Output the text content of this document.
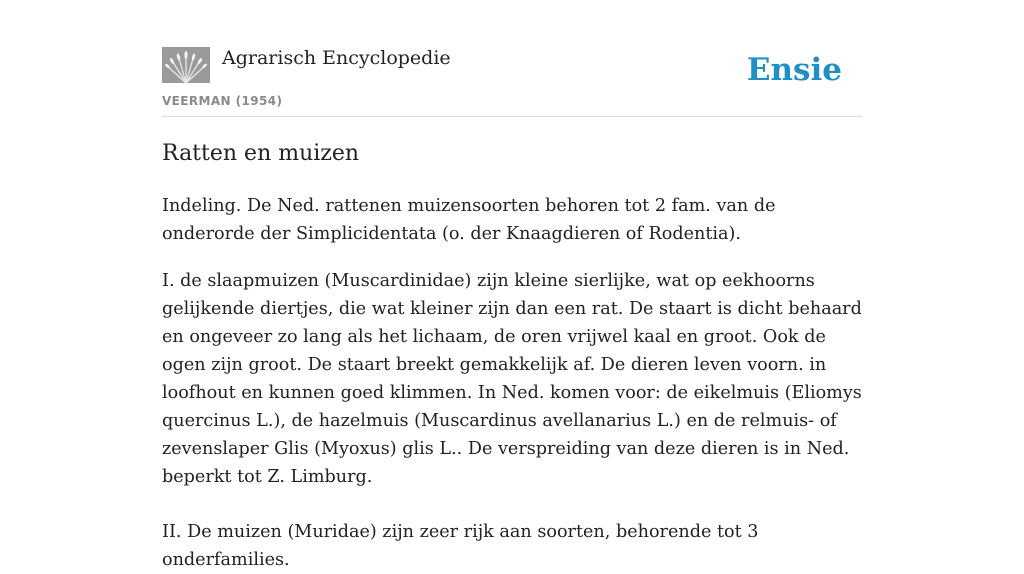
Agrarisch Encyclopedie
VEERMAN (1954)
Ensie
Ratten en muizen

Indeling. De Ned. rattenen muizensoorten behoren tot 2 fam. van de onderorde der Simplicidentata (o. der Knaagdieren of Rodentia).

I. de slaapmuizen (Muscardinidae) zijn kleine sierlijke, wat op eekhoorns gelijkende diertjes, die wat kleiner zijn dan een rat. De staart is dicht behaard en ongeveer zo lang als het lichaam, de oren vrijwel kaal en groot. Ook de ogen zijn groot. De staart breekt gemakkelijk af. De dieren leven voorn. in loofhout en kunnen goed klimmen. In Ned. komen voor: de eikelmuis (Eliomys quercinus L.), de hazelmuis (Muscardinus avellanarius L.) en de relmuis- of zevenslaper Glis (Myoxus) glis L.. De verspreiding van deze dieren is in Ned. beperkt tot Z. Limburg.

II. De muizen (Muridae) zijn zeer rijk aan soorten, behorende tot 3 onderfamilies.
